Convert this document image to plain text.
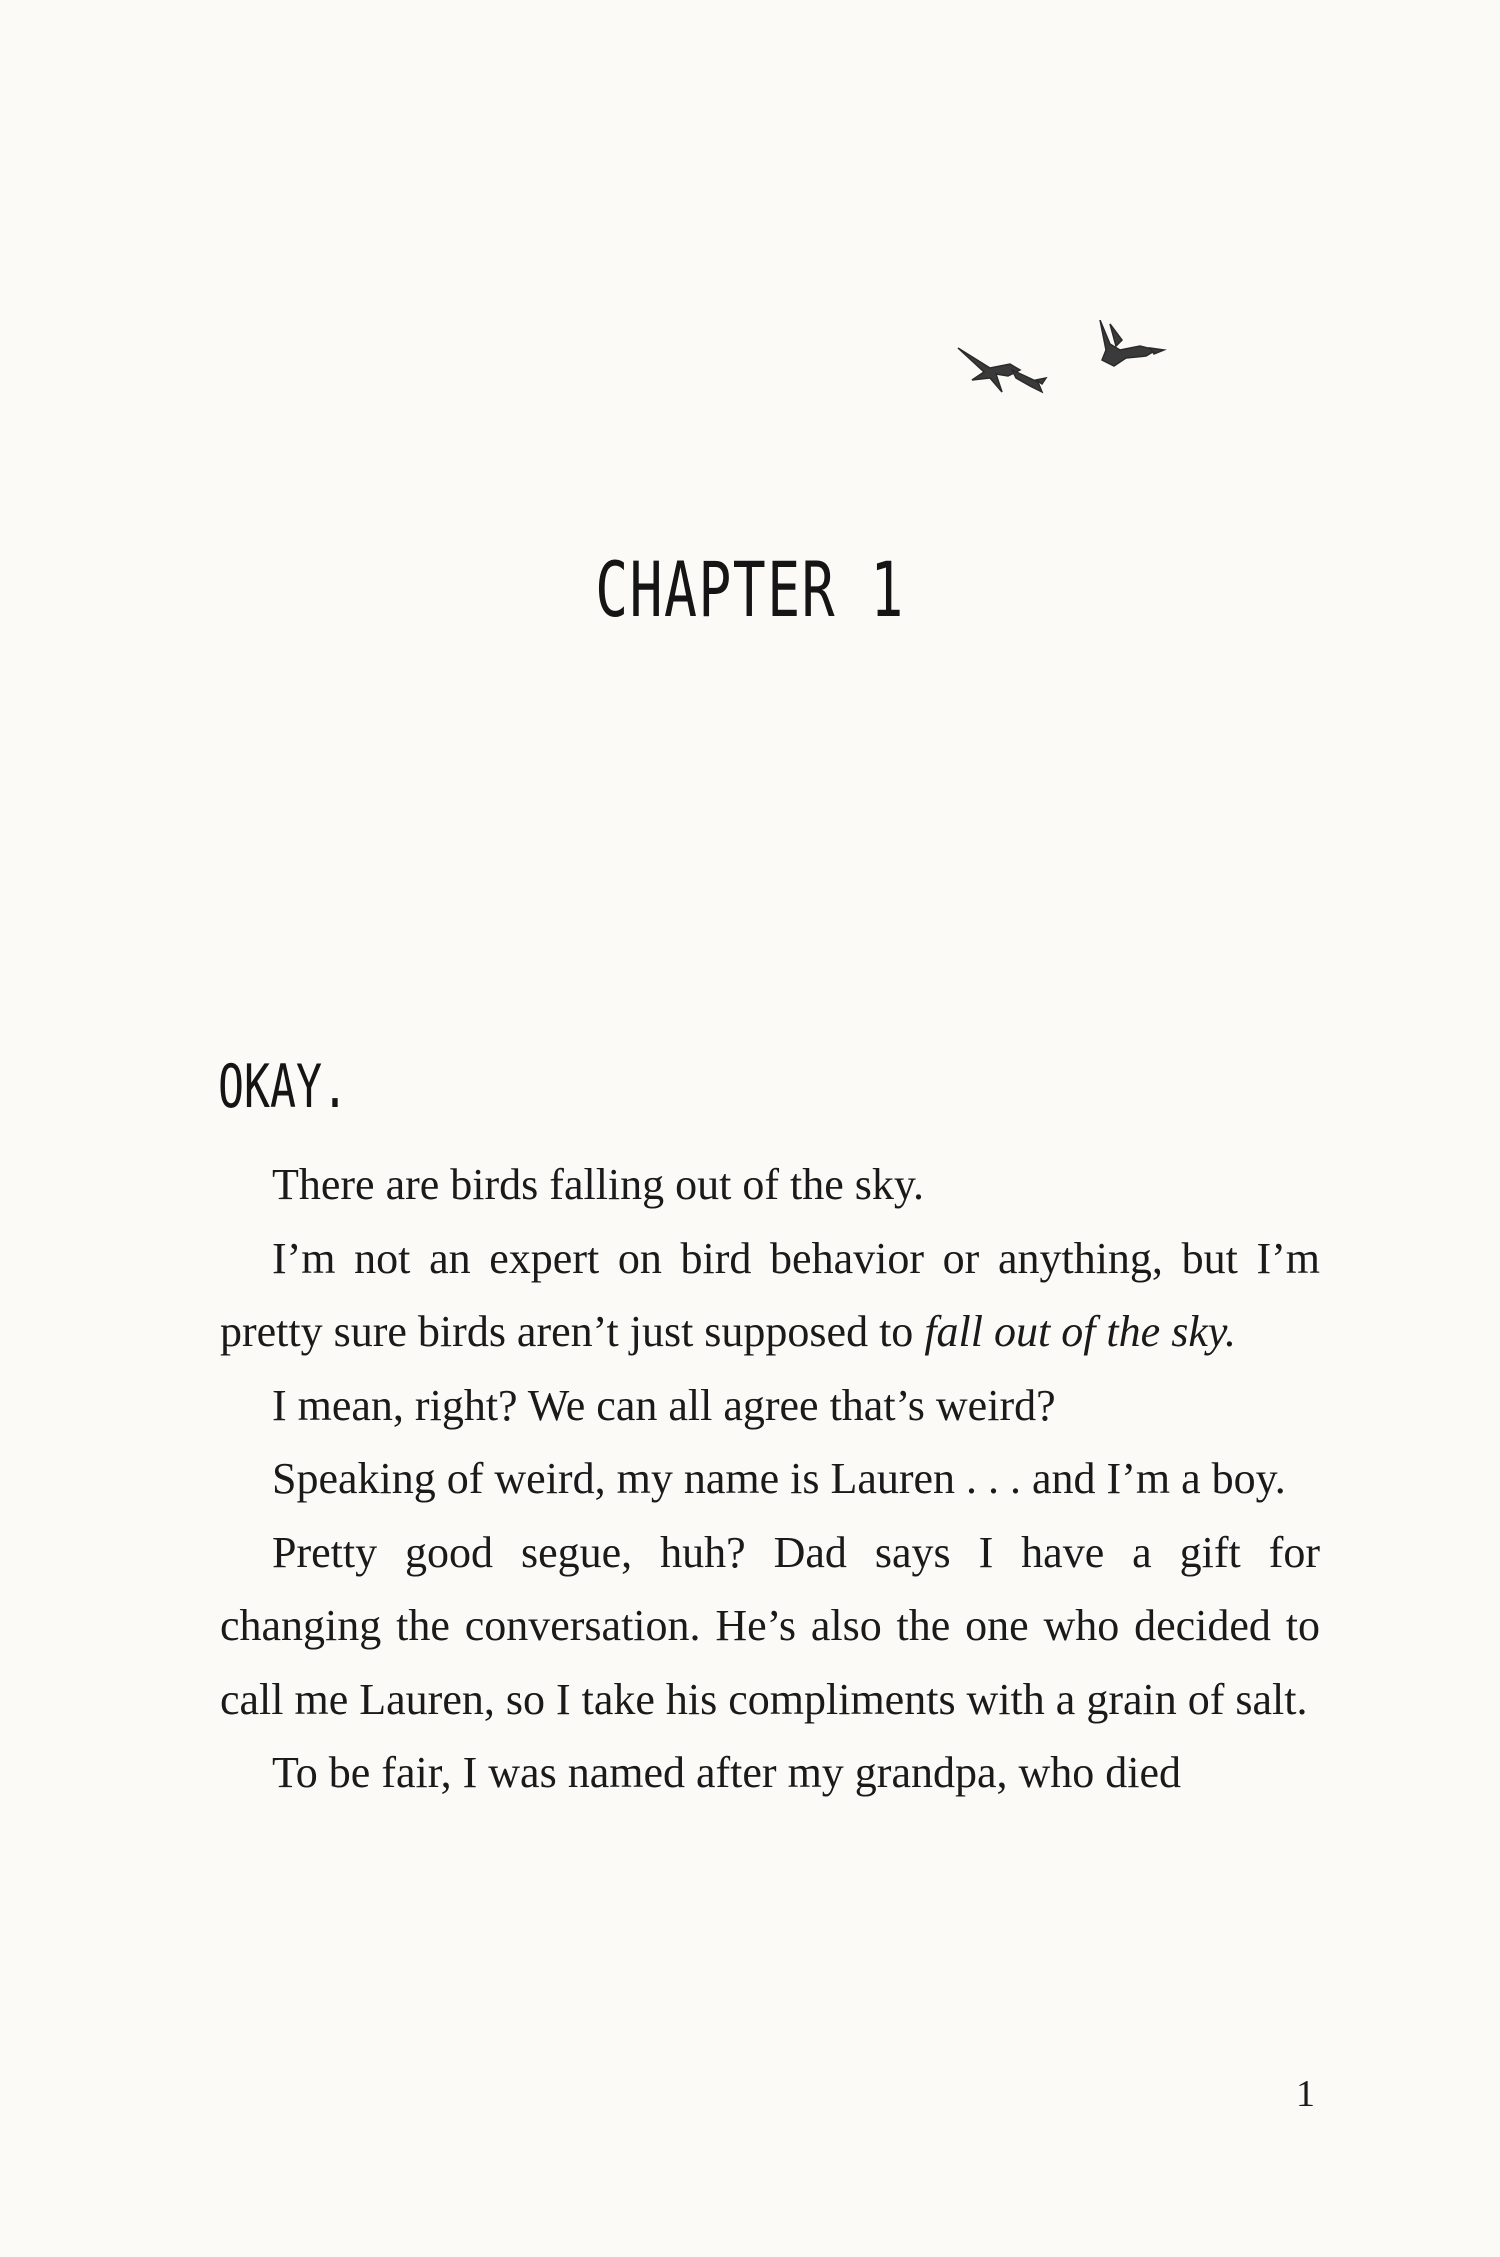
CHAPTER 1
OKAY.

There are birds falling out of the sky.

I’m not an expert on bird behavior or anything, but I’m pretty sure birds aren’t just supposed to fall out of the sky.

I mean, right? We can all agree that’s weird?

Speaking of weird, my name is Lauren . . . and I’m a boy.

Pretty good segue, huh? Dad says I have a gift for changing the conversation. He’s also the one who decided to call me Lauren, so I take his compliments with a grain of salt.

To be fair, I was named after my grandpa, who died

1
